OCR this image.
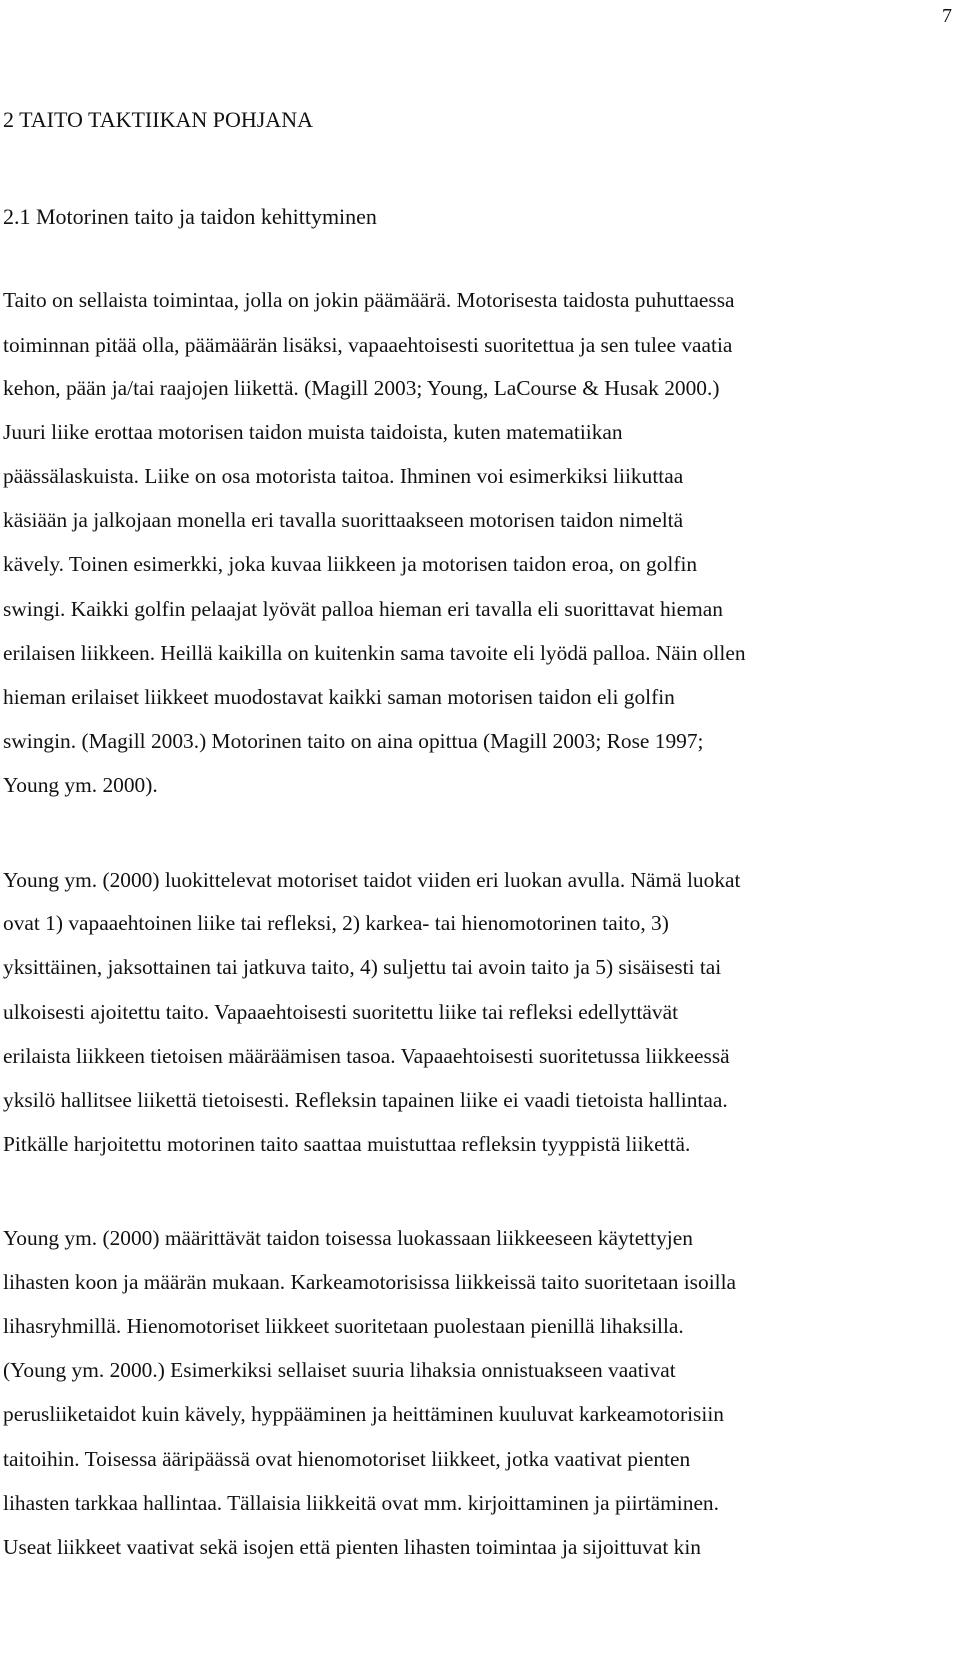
7
2 TAITO TAKTIIKAN POHJANA
2.1 Motorinen taito ja taidon kehittyminen
Taito on sellaista toimintaa, jolla on jokin päämäärä. Motorisesta taidosta puhuttaessa
toiminnan pitää olla, päämäärän lisäksi, vapaaehtoisesti suoritettua ja sen tulee vaatia
kehon, pään ja/tai raajojen liikettä. (Magill 2003; Young, LaCourse & Husak 2000.)
Juuri liike erottaa motorisen taidon muista taidoista, kuten matematiikan
päässälaskuista. Liike on osa motorista taitoa. Ihminen voi esimerkiksi liikuttaa
käsiään ja jalkojaan monella eri tavalla suorittaakseen motorisen taidon nimeltä
kävely. Toinen esimerkki, joka kuvaa liikkeen ja motorisen taidon eroa, on golfin
swingi. Kaikki golfin pelaajat lyövät palloa hieman eri tavalla eli suorittavat hieman
erilaisen liikkeen. Heillä kaikilla on kuitenkin sama tavoite eli lyödä palloa. Näin ollen
hieman erilaiset liikkeet muodostavat kaikki saman motorisen taidon eli golfin
swingin. (Magill 2003.) Motorinen taito on aina opittua (Magill 2003; Rose 1997;
Young ym. 2000).
Young ym. (2000) luokittelevat motoriset taidot viiden eri luokan avulla. Nämä luokat
ovat 1) vapaaehtoinen liike tai refleksi, 2) karkea- tai hienomotorinen taito, 3)
yksittäinen, jaksottainen tai jatkuva taito, 4) suljettu tai avoin taito ja 5) sisäisesti tai
ulkoisesti ajoitettu taito. Vapaaehtoisesti suoritettu liike tai refleksi edellyttävät
erilaista liikkeen tietoisen määräämisen tasoa. Vapaaehtoisesti suoritetussa liikkeessä
yksilö hallitsee liikettä tietoisesti. Refleksin tapainen liike ei vaadi tietoista hallintaa.
Pitkälle harjoitettu motorinen taito saattaa muistuttaa refleksin tyyppistä liikettä.
Young ym. (2000) määrittävät taidon toisessa luokassaan liikkeeseen käytettyjen
lihasten koon ja määrän mukaan. Karkeamotorisissa liikkeissä taito suoritetaan isoilla
lihasryhmillä. Hienomotoriset liikkeet suoritetaan puolestaan pienillä lihaksilla.
(Young ym. 2000.) Esimerkiksi sellaiset suuria lihaksia onnistuakseen vaativat
perusliiketaidot kuin kävely, hyppääminen ja heittäminen kuuluvat karkeamotorisiin
taitoihin. Toisessa ääripäässä ovat hienomotoriset liikkeet, jotka vaativat pienten
lihasten tarkkaa hallintaa. Tällaisia liikkeitä ovat mm. kirjoittaminen ja piirtäminen.
Useat liikkeet vaativat sekä isojen että pienten lihasten toimintaa ja sijoittuvat kin
